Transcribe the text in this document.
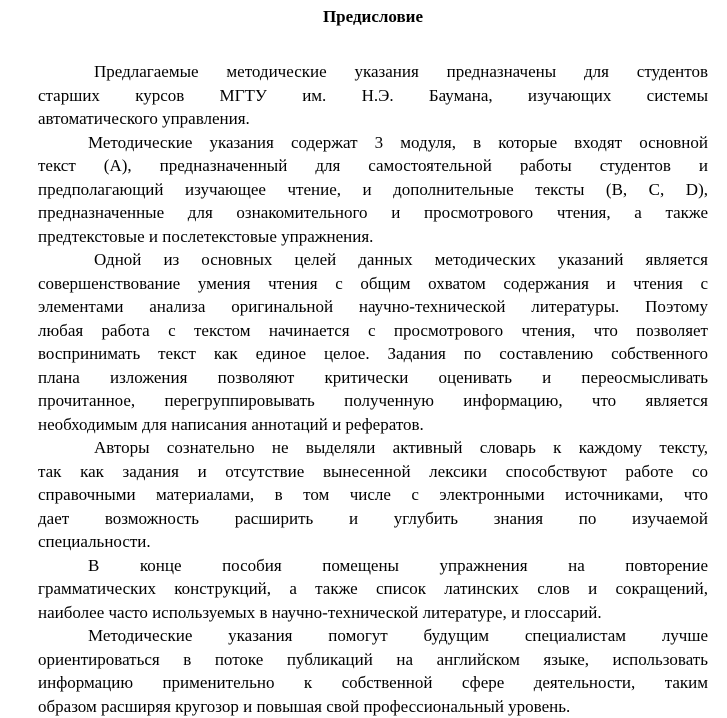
Предисловие

Предлагаемые методические указания предназначены для студентов
старших курсов МГТУ им. Н.Э. Баумана, изучающих системы
автоматического управления.

Методические указания содержат 3 модуля, в которые входят основной
текст (А), предназначенный для самостоятельной работы студентов и
предполагающий изучающее чтение, и дополнительные тексты (B, C, D),
предназначенные для ознакомительного и просмотрового чтения, а также
предтекстовые и послетекстовые упражнения.

Одной из основных целей данных методических указаний является
совершенствование умения чтения с общим охватом содержания и чтения с
элементами анализа оригинальной научно-технической литературы. Поэтому
любая работа с текстом начинается с просмотрового чтения, что позволяет
воспринимать текст как единое целое. Задания по составлению собственного
плана изложения позволяют критически оценивать и переосмысливать
прочитанное, перегруппировывать полученную информацию, что является
необходимым для написания аннотаций и рефератов.

Авторы сознательно не выделяли активный словарь к каждому тексту,
так как задания и отсутствие вынесенной лексики способствуют работе со
справочными материалами, в том числе с электронными источниками, что
дает возможность расширить и углубить знания по изучаемой
специальности.

В конце пособия помещены упражнения на повторение
грамматических конструкций, а также список латинских слов и сокращений,
наиболее часто используемых в научно-технической литературе, и глоссарий.

Методические указания помогут будущим специалистам лучше
ориентироваться в потоке публикаций на английском языке, использовать
информацию применительно к собственной сфере деятельности, таким
образом расширяя кругозор и повышая свой профессиональный уровень.
